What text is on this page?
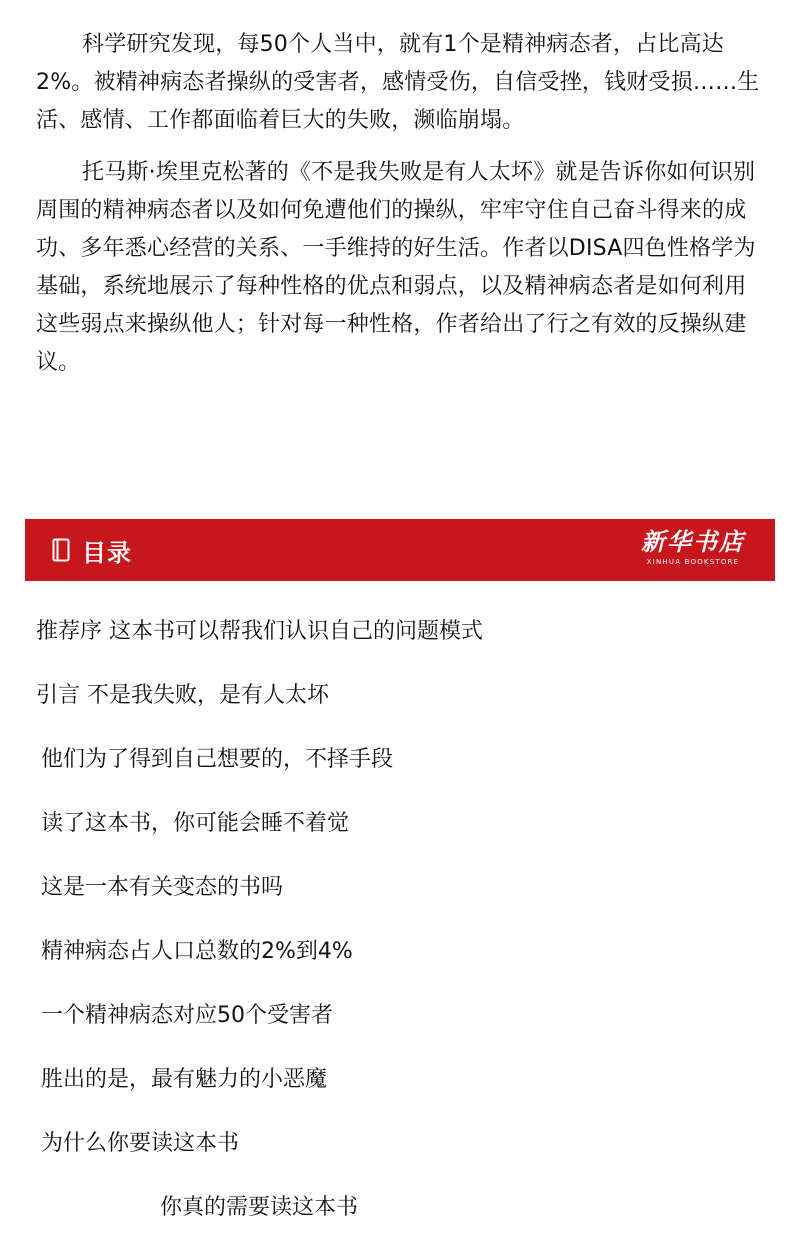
科学研究发现，每50个人当中，就有1个是精神病态者，占比高达2%。被精神病态者操纵的受害者，感情受伤，自信受挫，钱财受损……生活、感情、工作都面临着巨大的失败，濒临崩塌。

托马斯·埃里克松著的《不是我失败是有人太坏》就是告诉你如何识别周围的精神病态者以及如何免遭他们的操纵，牢牢守住自己奋斗得来的成功、多年悉心经营的关系、一手维持的好生活。作者以DISA四色性格学为基础，系统地展示了每种性格的优点和弱点，以及精神病态者是如何利用这些弱点来操纵他人；针对每一种性格，作者给出了行之有效的反操纵建议。

目录	新华书店
XINHUA BOOKSTORE
推荐序 这本书可以帮我们认识自己的问题模式
引言 不是我失败，是有人太坏
他们为了得到自己想要的，不择手段
读了这本书，你可能会睡不着觉
这是一本有关变态的书吗
精神病态占人口总数的2%到4%
一个精神病态对应50个受害者
胜出的是，最有魅力的小恶魔
为什么你要读这本书
你真的需要读这本书
